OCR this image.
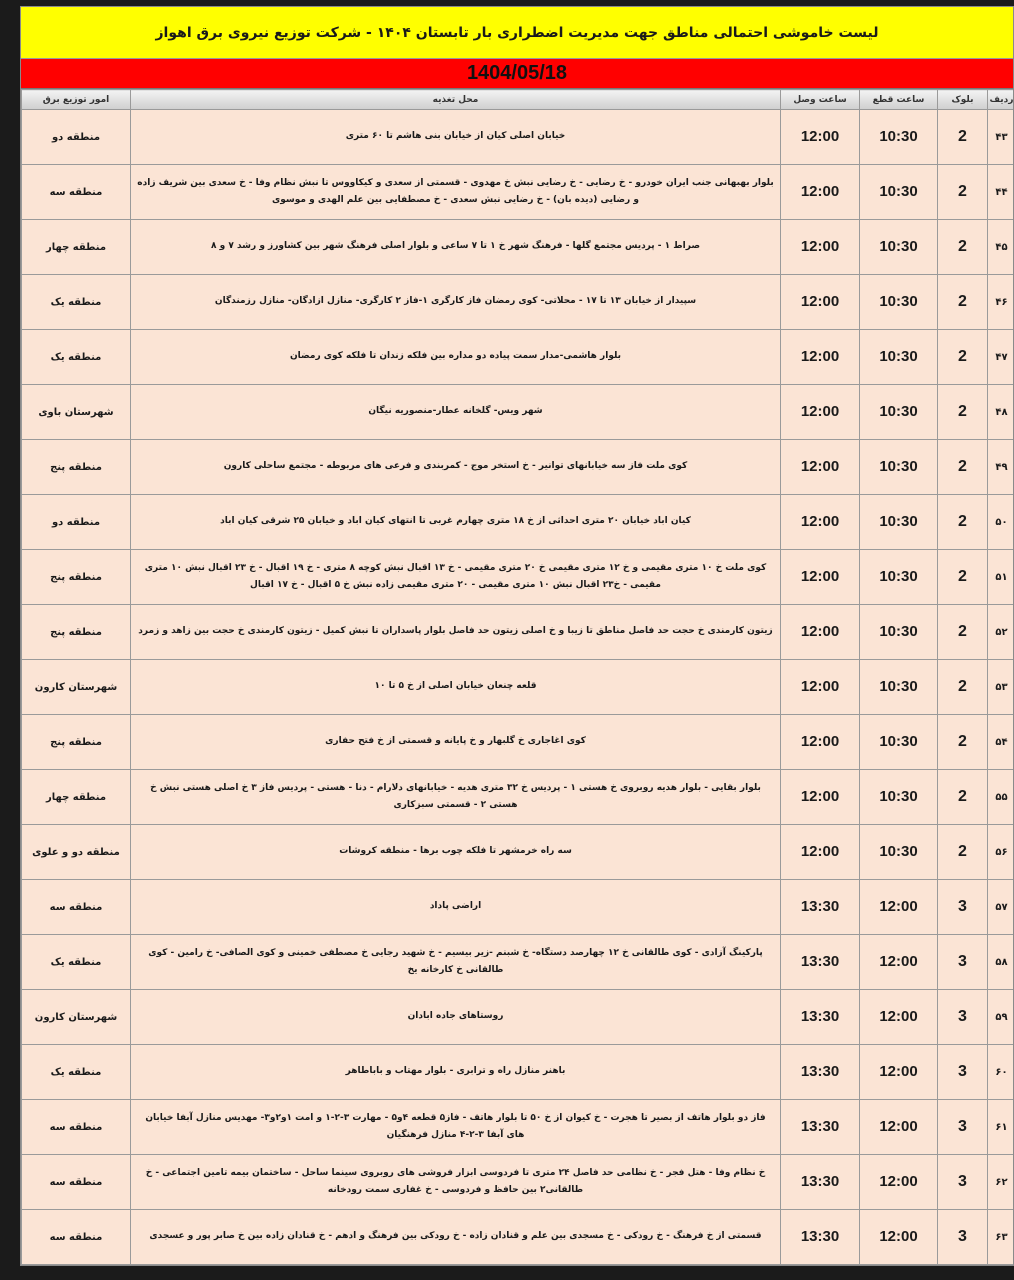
لیست خاموشی احتمالی مناطق جهت مدیریت اضطراری بار تابستان ۱۴۰۴ - شرکت توزیع نیروی برق اهواز
1404/05/18
ردیف	بلوک	ساعت قطع	ساعت وصل	محل تغذیه	امور توزیع برق
۴۳	2	10:30	12:00	خیابان اصلی کیان از خیابان بنی هاشم تا ۶۰ متری	منطقه دو
۴۴	2	10:30	12:00	بلوار بهبهانی جنب ایران خودرو - خ رضایی - خ رضایی نبش خ مهدوی - قسمتی از سعدی و کیکاووس تا نبش نظام وفا - خ سعدی بین شریف زاده و رضایی (دیده بان) - خ رضایی نبش سعدی - خ مصطفایی بین علم الهدی و موسوی	منطقه سه
۴۵	2	10:30	12:00	صراط ۱ - پردیس مجتمع گلها - فرهنگ شهر خ ۱ تا ۷ ساعی و بلوار اصلی فرهنگ شهر بین کشاورز و رشد ۷ و ۸	منطقه چهار
۴۶	2	10:30	12:00	سپیدار از خیابان ۱۳ تا ۱۷ - محلاتی- کوی رمضان فاز کارگری ۱-فاز ۲ کارگری- منازل ازادگان- منازل رزمندگان	منطقه یک
۴۷	2	10:30	12:00	بلوار هاشمی-مدار سمت پیاده دو مداره بین فلکه زندان تا فلکه کوی رمضان	منطقه یک
۴۸	2	10:30	12:00	شهر ویس- گلخانه عطار-منصوریه نیگان	شهرستان باوی
۴۹	2	10:30	12:00	کوی ملت فاز سه خیابانهای توانیر - خ استخر موج - کمربندی و فرعی های مربوطه - مجتمع ساحلی کارون	منطقه پنج
۵۰	2	10:30	12:00	کیان اباد خیابان ۲۰ متری احداثی از خ ۱۸ متری چهارم غربی تا انتهای کیان اباد و خیابان ۲۵ شرقی کیان اباد	منطقه دو
۵۱	2	10:30	12:00	کوی ملت خ ۱۰ متری مقیمی و خ ۱۲ متری مقیمی خ ۲۰ متری مقیمی - خ ۱۳ اقبال نبش کوچه ۸ متری - خ ۱۹ اقبال - خ ۲۳ اقبال نبش ۱۰ متری مقیمی - خ۲۳ اقبال نبش ۱۰ متری مقیمی - ۲۰ متری مقیمی زاده نبش خ ۵ اقبال - خ ۱۷ اقبال	منطقه پنج
۵۲	2	10:30	12:00	زیتون کارمندی خ حجت حد فاصل مناطق تا زیبا و خ اصلی زیتون حد فاصل بلوار پاسداران تا نبش کمیل - زیتون کارمندی خ حجت بین زاهد و زمرد	منطقه پنج
۵۳	2	10:30	12:00	قلعه چنعان خیابان اصلی از خ ۵ تا ۱۰	شهرستان کارون
۵۴	2	10:30	12:00	کوی اغاجاری خ گلبهار و خ پایانه و قسمتی از خ فتح حفاری	منطقه پنج
۵۵	2	10:30	12:00	بلوار بقایی - بلوار هدیه روبروی خ هستی ۱ - پردیس خ ۳۲ متری هدیه - خیابانهای دلارام - دنا - هستی - پردیس فاز ۳ خ اصلی هستی نبش خ هستی ۲ - قسمتی سبزکاری	منطقه چهار
۵۶	2	10:30	12:00	سه راه خرمشهر تا فلکه چوب برها - منطقه کروشات	منطقه دو و علوی
۵۷	3	12:00	13:30	اراضی پاداد	منطقه سه
۵۸	3	12:00	13:30	پارکینگ آزادی - کوی طالقانی خ ۱۲ چهارصد دستگاه- خ شبنم -زیر بیسیم - خ شهید رجایی خ مصطفی خمینی و کوی الصافی- خ رامین - کوی طالقانی خ کارخانه یخ	منطقه یک
۵۹	3	12:00	13:30	روستاهای جاده ابادان	شهرستان کارون
۶۰	3	12:00	13:30	باهنر منازل راه و ترابری - بلوار مهتاب و باباطاهر	منطقه یک
۶۱	3	12:00	13:30	فاز دو بلوار هاتف از بصیر تا هجرت - خ کیوان از خ ۵۰ تا بلوار هاتف - فاز۵ قطعه ۴و۵ - مهارت ۳-۲-۱ و امت ۱و۲و۳- مهدیس منازل آبفا خیابان های آبفا ۳-۲-۴ منازل فرهنگیان	منطقه سه
۶۲	3	12:00	13:30	خ نظام وفا - هتل فجر - خ نظامی حد فاصل ۲۴ متری تا فردوسی ابزار فروشی های روبروی سینما ساحل - ساختمان بیمه تامین اجتماعی - خ طالقانی۲ بین حافظ و فردوسی - خ غفاری سمت رودخانه	منطقه سه
۶۳	3	12:00	13:30	قسمتی از خ فرهنگ - خ رودکی - خ مسجدی بین علم و قنادان زاده - خ رودکی بین فرهنگ و ادهم - خ قنادان زاده بین خ صابر پور و عسجدی	منطقه سه
